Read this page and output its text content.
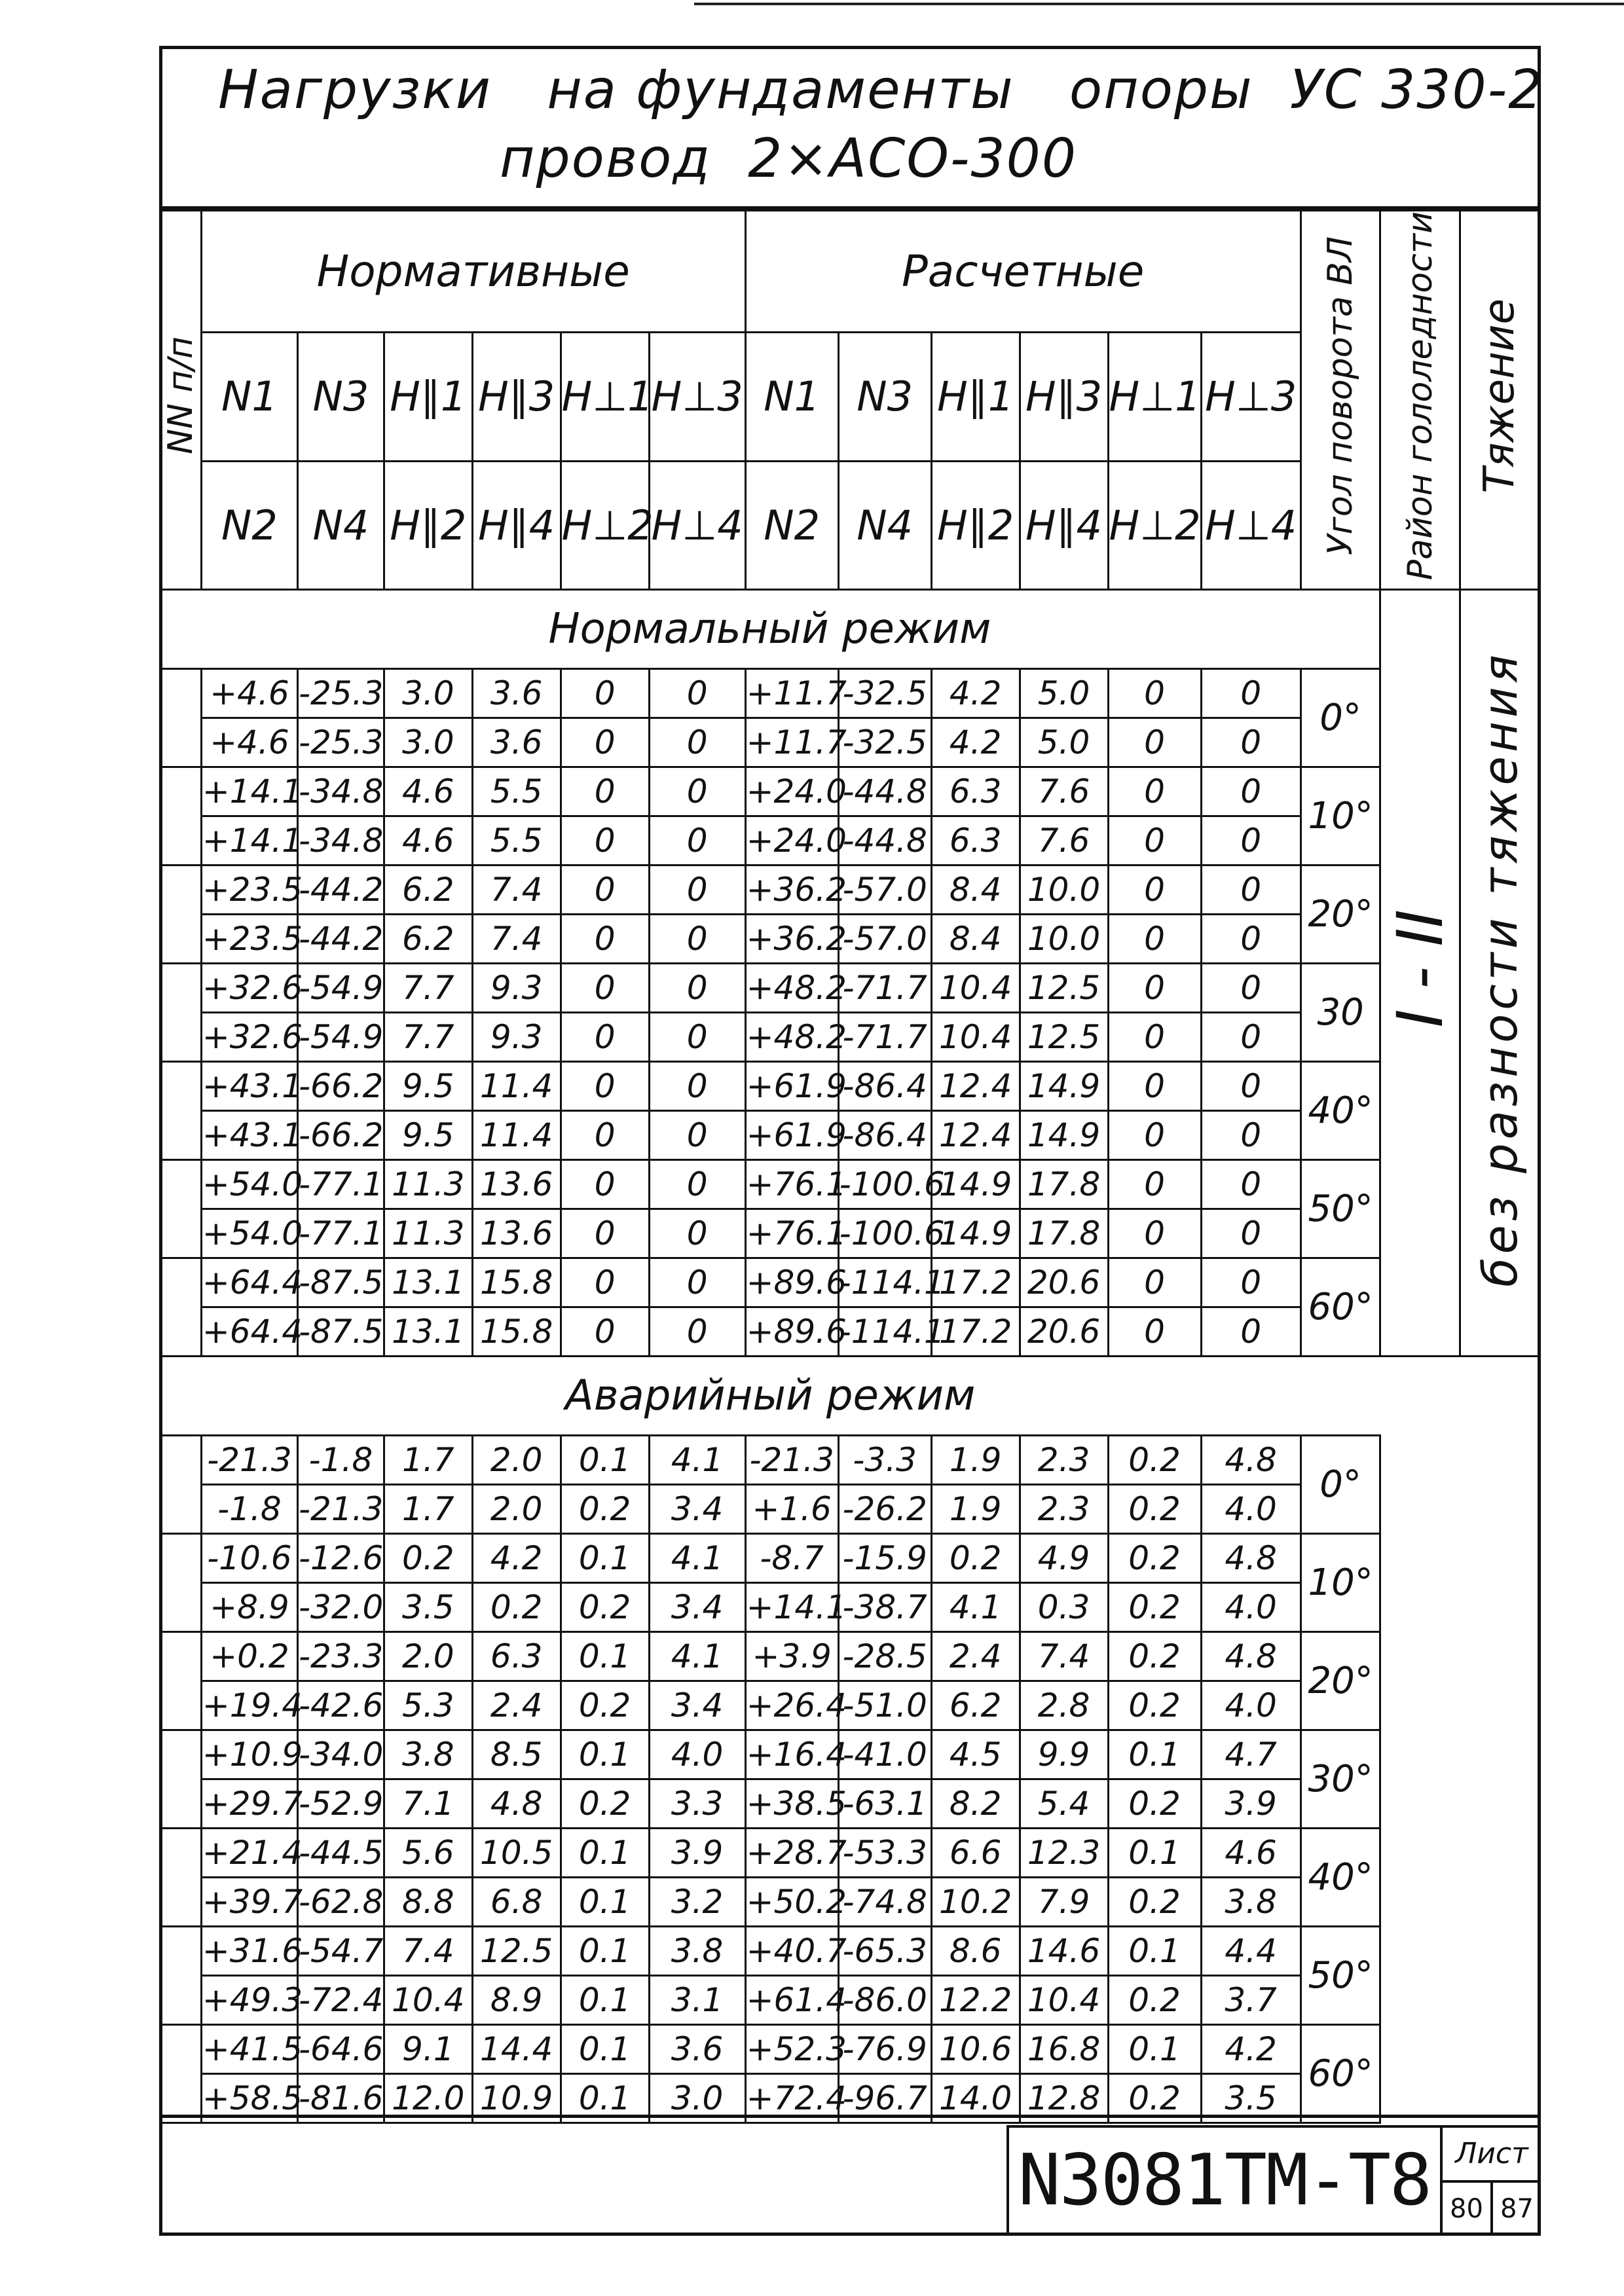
Нагрузки   на фундаменты   опоры  УС 330-2
провод  2×АСО-300
NN п/п	Нормативные						Расчетные						Угол поворота ВЛ	Район гололедности	Тяжение
	N1	N3	H∥1	H∥3	H⊥1	H⊥3	N1	N3	H∥1	H∥3	H⊥1	H⊥3			
	N2	N4	H∥2	H∥4	H⊥2	H⊥4	N2	N4	H∥2	H∥4	H⊥2	H⊥4			
Нормальный режим														I - II	без разности тяжения
	+4.6	-25.3	3.0	3.6	0	0	+11.7	-32.5	4.2	5.0	0	0	0°		
	+4.6	-25.3	3.0	3.6	0	0	+11.7	-32.5	4.2	5.0	0	0			
	+14.1	-34.8	4.6	5.5	0	0	+24.0	-44.8	6.3	7.6	0	0	10°		
	+14.1	-34.8	4.6	5.5	0	0	+24.0	-44.8	6.3	7.6	0	0			
	+23.5	-44.2	6.2	7.4	0	0	+36.2	-57.0	8.4	10.0	0	0	20°		
	+23.5	-44.2	6.2	7.4	0	0	+36.2	-57.0	8.4	10.0	0	0			
	+32.6	-54.9	7.7	9.3	0	0	+48.2	-71.7	10.4	12.5	0	0	30		
	+32.6	-54.9	7.7	9.3	0	0	+48.2	-71.7	10.4	12.5	0	0			
	+43.1	-66.2	9.5	11.4	0	0	+61.9	-86.4	12.4	14.9	0	0	40°		
	+43.1	-66.2	9.5	11.4	0	0	+61.9	-86.4	12.4	14.9	0	0			
	+54.0	-77.1	11.3	13.6	0	0	+76.1	-100.6	14.9	17.8	0	0	50°		
	+54.0	-77.1	11.3	13.6	0	0	+76.1	-100.6	14.9	17.8	0	0			
	+64.4	-87.5	13.1	15.8	0	0	+89.6	-114.1	17.2	20.6	0	0	60°		
	+64.4	-87.5	13.1	15.8	0	0	+89.6	-114.1	17.2	20.6	0	0			
Аварийный режим															
	-21.3	-1.8	1.7	2.0	0.1	4.1	-21.3	-3.3	1.9	2.3	0.2	4.8	0°		
	-1.8	-21.3	1.7	2.0	0.2	3.4	+1.6	-26.2	1.9	2.3	0.2	4.0			
	-10.6	-12.6	0.2	4.2	0.1	4.1	-8.7	-15.9	0.2	4.9	0.2	4.8	10°		
	+8.9	-32.0	3.5	0.2	0.2	3.4	+14.1	-38.7	4.1	0.3	0.2	4.0			
	+0.2	-23.3	2.0	6.3	0.1	4.1	+3.9	-28.5	2.4	7.4	0.2	4.8	20°		
	+19.4	-42.6	5.3	2.4	0.2	3.4	+26.4	-51.0	6.2	2.8	0.2	4.0			
	+10.9	-34.0	3.8	8.5	0.1	4.0	+16.4	-41.0	4.5	9.9	0.1	4.7	30°		
	+29.7	-52.9	7.1	4.8	0.2	3.3	+38.5	-63.1	8.2	5.4	0.2	3.9			
	+21.4	-44.5	5.6	10.5	0.1	3.9	+28.7	-53.3	6.6	12.3	0.1	4.6	40°		
	+39.7	-62.8	8.8	6.8	0.1	3.2	+50.2	-74.8	10.2	7.9	0.2	3.8			
	+31.6	-54.7	7.4	12.5	0.1	3.8	+40.7	-65.3	8.6	14.6	0.1	4.4	50°		
	+49.3	-72.4	10.4	8.9	0.1	3.1	+61.4	-86.0	12.2	10.4	0.2	3.7			
	+41.5	-64.6	9.1	14.4	0.1	3.6	+52.3	-76.9	10.6	16.8	0.1	4.2	60°		
	+58.5	-81.6	12.0	10.9	0.1	3.0	+72.4	-96.7	14.0	12.8	0.2	3.5			
N3081ТМ-Т8 Лист
80 87
